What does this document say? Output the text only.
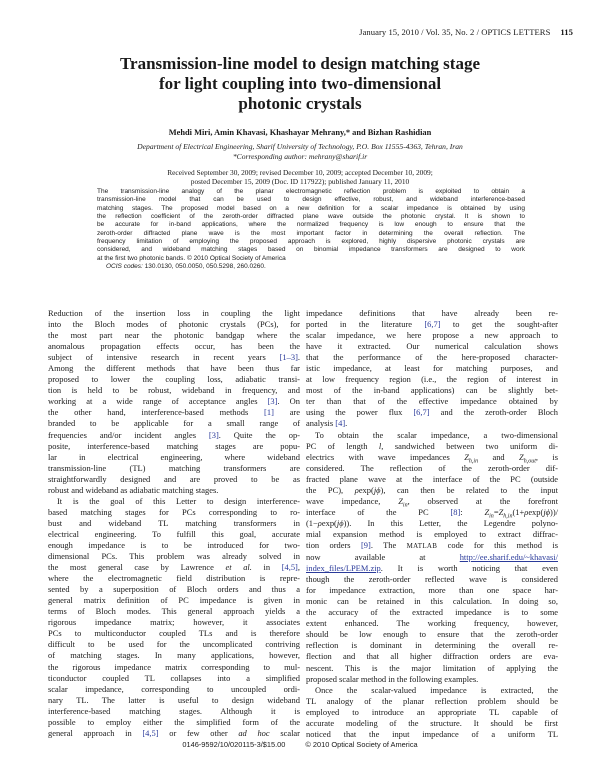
January 15, 2010 / Vol. 35, No. 2 / OPTICS LETTERS 115
Transmission-line model to design matching stage
for light coupling into two-dimensional
photonic crystals
Mehdi Miri, Amin Khavasi, Khashayar Mehrany,* and Bizhan Rashidian
Department of Electrical Engineering, Sharif University of Technology, P.O. Box 11555-4363, Tehran, Iran
*Corresponding author: mehrany@sharif.ir
Received September 30, 2009; revised December 10, 2009; accepted December 10, 2009;
posted December 15, 2009 (Doc. ID 117922); published January 11, 2010
The transmission-line analogy of the planar electromagnetic reflection problem is exploited to obtain a
transmission-line model that can be used to design effective, robust, and wideband interference-based
matching stages. The proposed model based on a new definition for a scalar impedance is obtained by using
the reflection coefficient of the zeroth-order diffracted plane wave outside the photonic crystal. It is shown to
be accurate for in-band applications, where the normalized frequency is low enough to ensure that the
zeroth-order diffracted plane wave is the most important factor in determining the overall reflection. The
frequency limitation of employing the proposed approach is explored, highly dispersive photonic crystals are
considered, and wideband matching stages based on binomial impedance transformers are designed to work
at the first two photonic bands. © 2010 Optical Society of America
OCIS codes: 130.0130, 050.0050, 050.5298, 260.0260.
Reduction of the insertion loss in coupling the light
into the Bloch modes of photonic crystals (PCs), for
the most part near the photonic bandgap where the
anomalous propagation effects occur, has been the
subject of intensive research in recent years [1–3].
Among the different methods that have been thus far
proposed to lower the coupling loss, adiabatic transi-
tion is held to be robust, wideband in frequency, and
working at a wide range of acceptance angles [3]. On
the other hand, interference-based methods [1] are
branded to be applicable for a small range of
frequencies and/or incident angles [3]. Quite the op-
posite, interference-based matching stages are popu-
lar in electrical engineering, where wideband
transmission-line (TL) matching transformers are
straightforwardly designed and are proved to be as
robust and wideband as adiabatic matching stages.
It is the goal of this Letter to design interference-
based matching stages for PCs corresponding to ro-
bust and wideband TL matching transformers in
electrical engineering. To fulfill this goal, accurate
enough impedance is to be introduced for two-
dimensional PCs. This problem was already solved in
the most general case by Lawrence et al. in [4,5],
where the electromagnetic field distribution is repre-
sented by a superposition of Bloch orders and thus a
general matrix definition of PC impedance is given in
terms of Bloch modes. This general approach yields a
rigorous impedance matrix; however, it associates
PCs to multiconductor coupled TLs and is therefore
difficult to be used for the uncomplicated contriving
of matching stages. In many applications, however,
the rigorous impedance matrix corresponding to mul-
ticonductor coupled TL collapses into a simplified
scalar impedance, corresponding to uncoupled ordi-
nary TL. The latter is useful to design wideband
interference-based matching stages. Although it is
possible to employ either the simplified form of the
general approach in [4,5] or few other ad hoc scalar
impedance definitions that have already been re-
ported in the literature [6,7] to get the sought-after
scalar impedance, we here propose a new approach to
have it extracted. Our numerical calculation shows
that the performance of the here-proposed character-
istic impedance, at least for matching purposes, and
at low frequency region (i.e., the region of interest in
most of the in-band applications) can be slightly bet-
ter than that of the effective impedance obtained by
using the power flux [6,7] and the zeroth-order Bloch
analysis [4].
To obtain the scalar impedance, a two-dimensional
PC of length l, sandwiched between two uniform di-
electrics with wave impedances $Z_{h,in}$ and $Z_{h,out}$, is
considered. The reflection of the zeroth-order dif-
fracted plane wave at the interface of the PC (outside
the PC), ρexp(jϕ), can then be related to the input
wave impedance, $Z_{in}$, observed at the forefront
interface of the PC [8]: $Z_{in}=Z_{h,in}(1+\rho\exp(j\phi))/$
(1−ρexp(jϕ)). In this Letter, the Legendre polyno-
mial expansion method is employed to extract diffrac-
tion orders [9]. The MATLAB code for this method is
now available at http://ee.sharif.edu/~khavasi/
index_files/LPEM.zip. It is worth noticing that even
though the zeroth-order reflected wave is considered
for impedance extraction, more than one space har-
monic can be retained in this calculation. In doing so,
the accuracy of the extracted impedance is to some
extent enhanced. The working frequency, however,
should be low enough to ensure that the zeroth-order
reflection is dominant in determining the overall re-
flection and that all higher diffraction orders are eva-
nescent. This is the major limitation of applying the
proposed scalar method in the following examples.
Once the scalar-valued impedance is extracted, the
TL analogy of the planar reflection problem should be
employed to introduce an appropriate TL capable of
accurate modeling of the structure. It should be first
noticed that the input impedance of a uniform TL
0146-9592/10/020115-3/$15.00	© 2010 Optical Society of America
